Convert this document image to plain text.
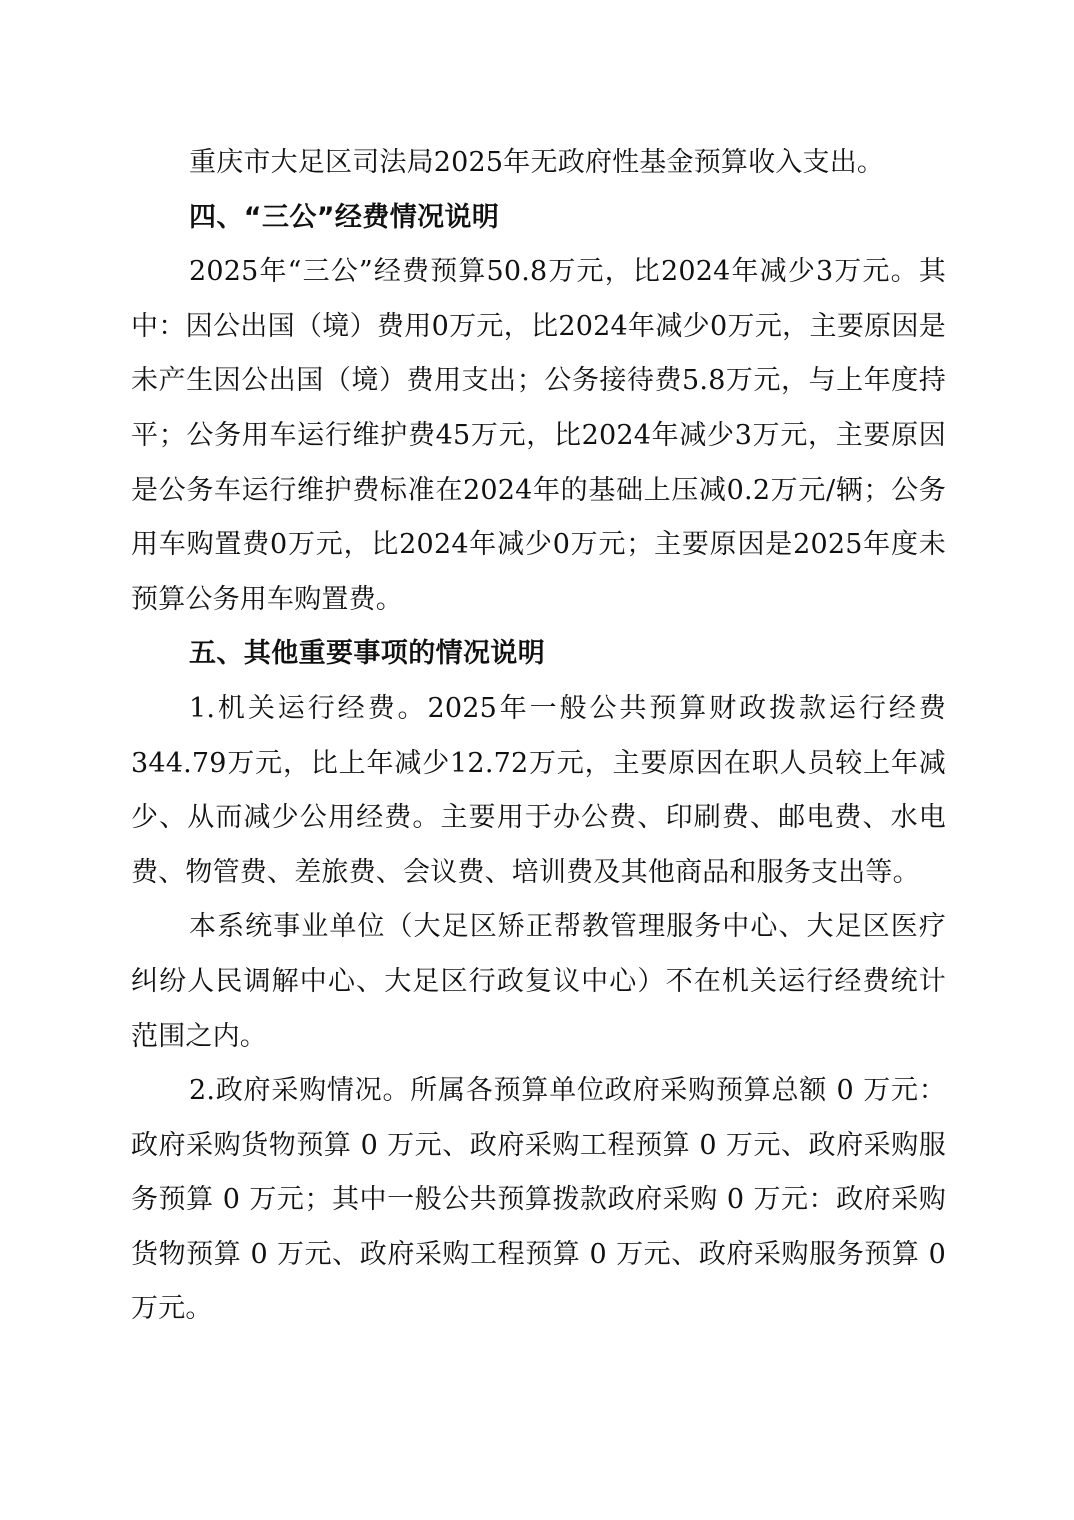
重庆市大足区司法局2025年无政府性基金预算收入支出。

四、“三公”经费情况说明

2025年“三公”经费预算50.8万元，比2024年减少3万元。其中：因公出国（境）费用0万元，比2024年减少0万元，主要原因是未产生因公出国（境）费用支出；公务接待费5.8万元，与上年度持平；公务用车运行维护费45万元，比2024年减少3万元，主要原因是公务车运行维护费标准在2024年的基础上压减0.2万元/辆；公务用车购置费0万元，比2024年减少0万元；主要原因是2025年度未预算公务用车购置费。

五、其他重要事项的情况说明

1.机关运行经费。2025年一般公共预算财政拨款运行经费344.79万元，比上年减少12.72万元，主要原因在职人员较上年减少、从而减少公用经费。主要用于办公费、印刷费、邮电费、水电费、物管费、差旅费、会议费、培训费及其他商品和服务支出等。

本系统事业单位（大足区矫正帮教管理服务中心、大足区医疗纠纷人民调解中心、大足区行政复议中心）不在机关运行经费统计范围之内。

2.政府采购情况。所属各预算单位政府采购预算总额 0 万元：政府采购货物预算 0 万元、政府采购工程预算 0 万元、政府采购服务预算 0 万元；其中一般公共预算拨款政府采购 0 万元：政府采购货物预算 0 万元、政府采购工程预算 0 万元、政府采购服务预算 0 万元。
